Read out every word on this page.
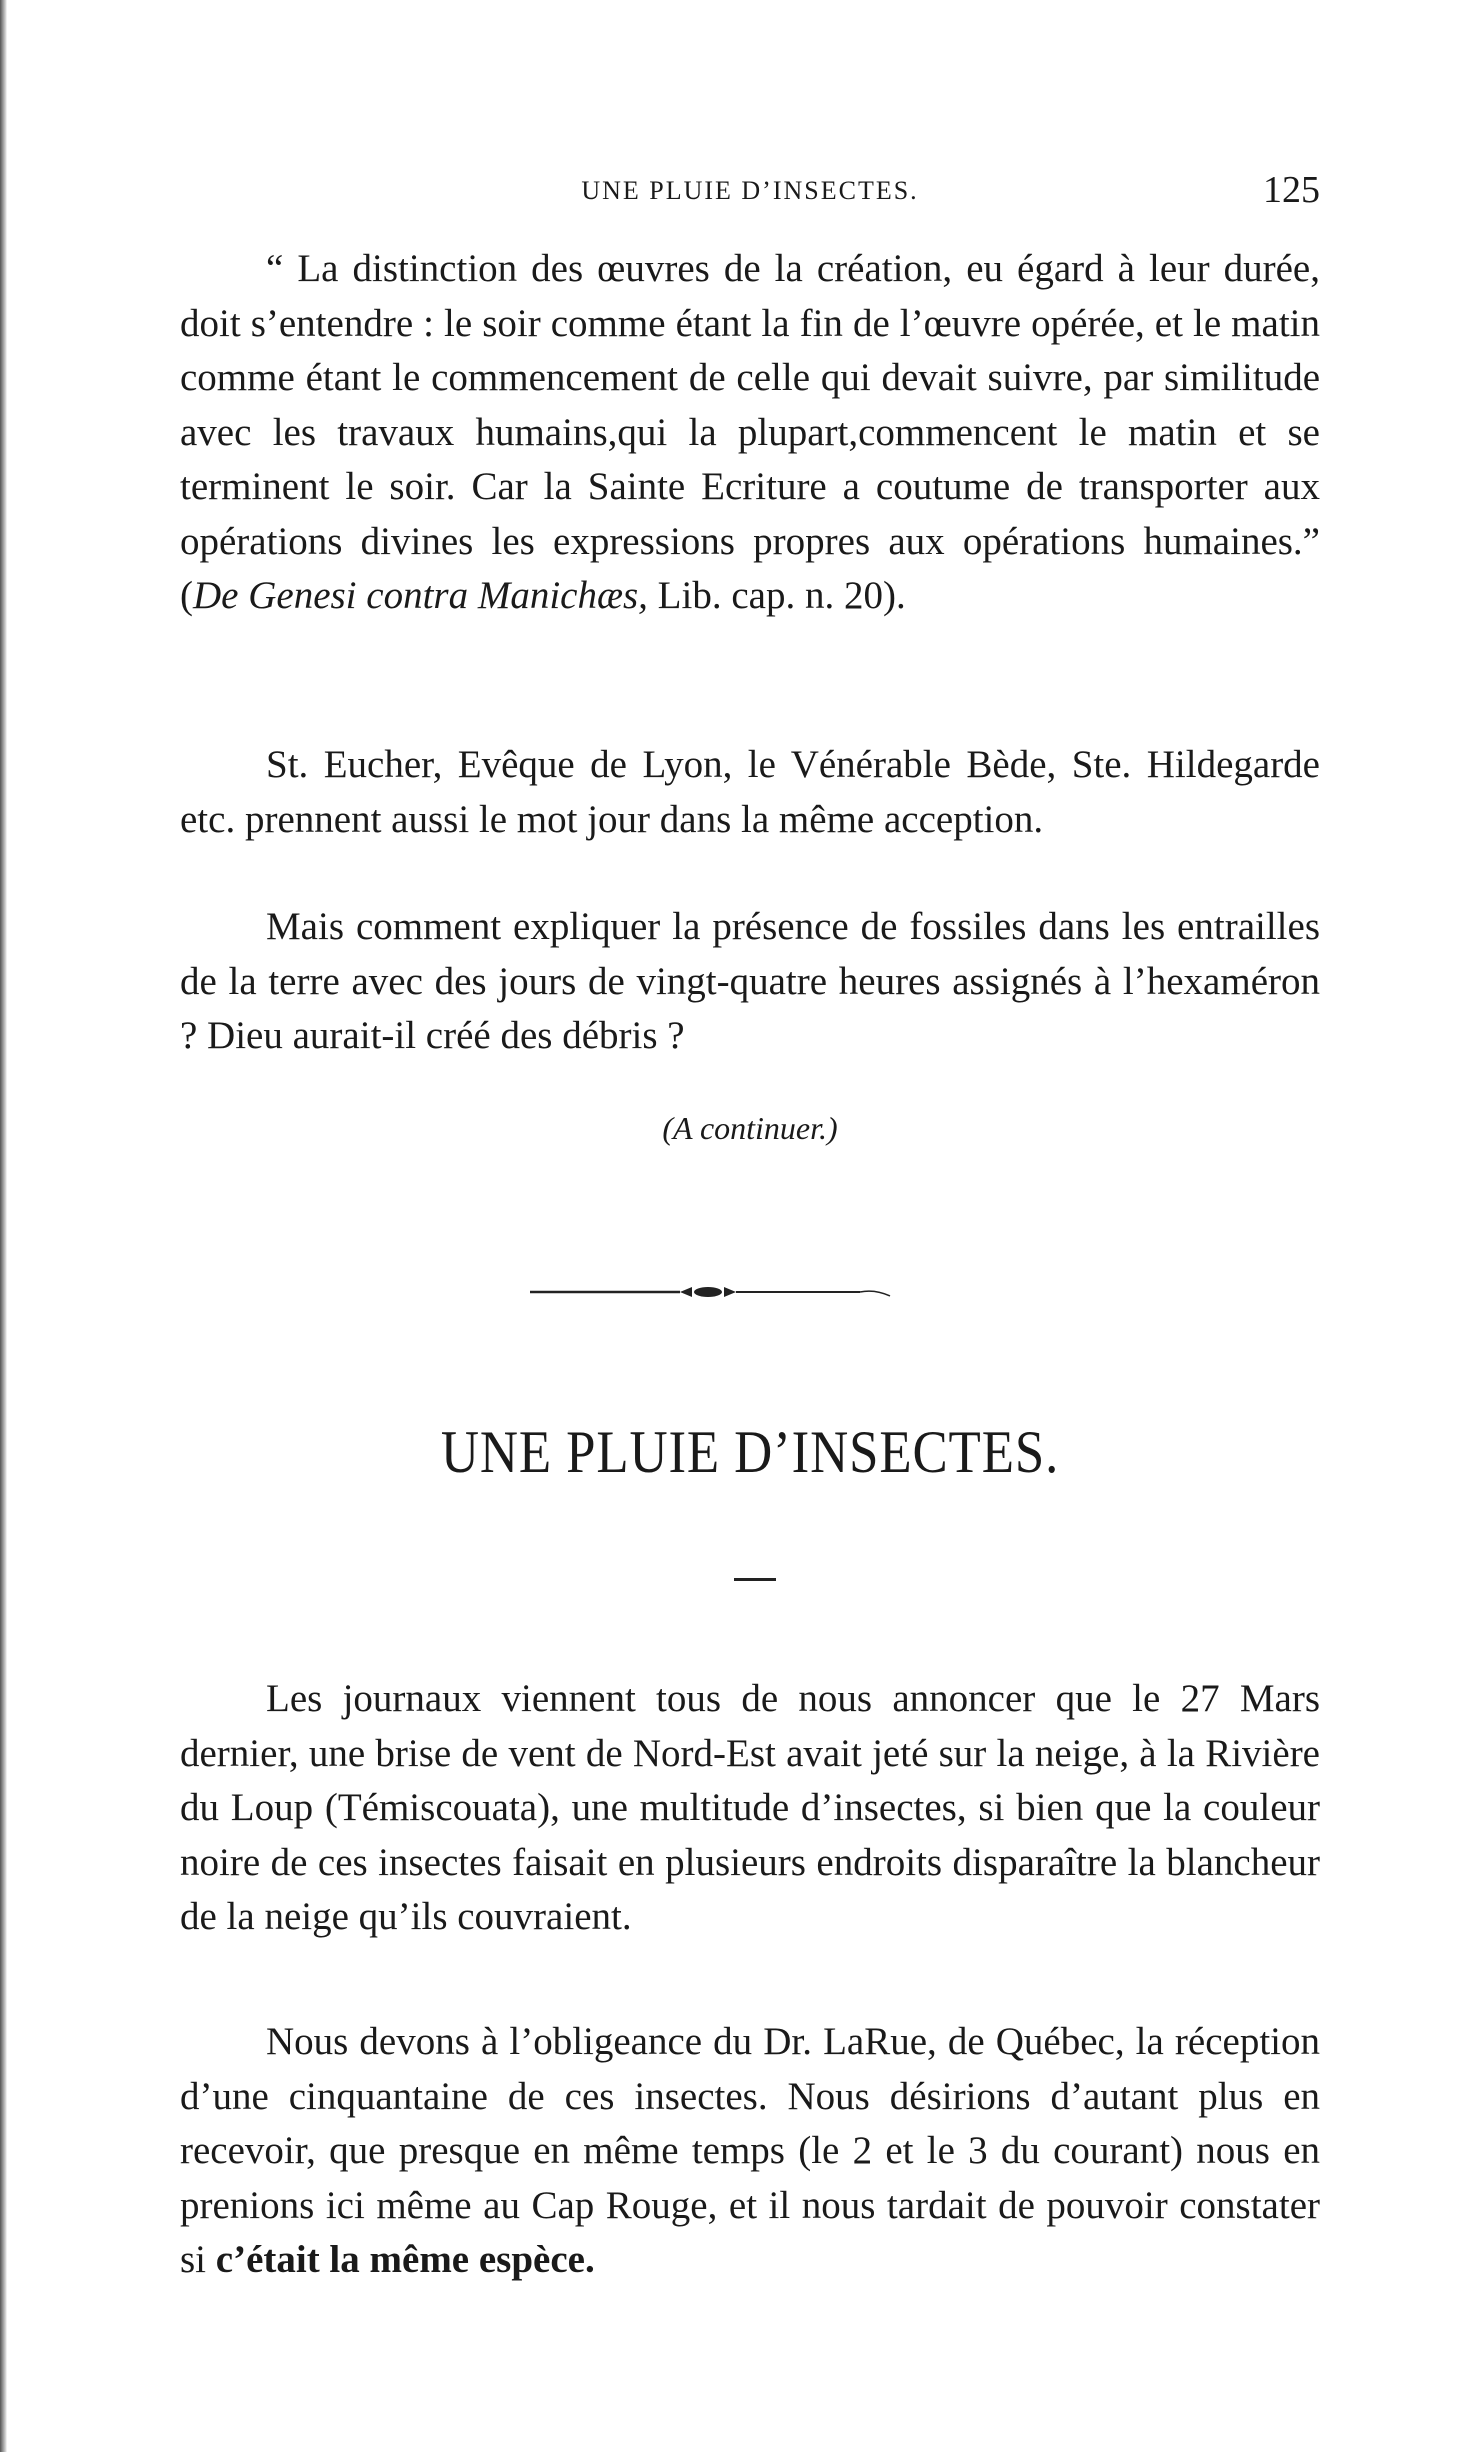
UNE PLUIE D’INSECTES.	125

“ La distinction des œuvres de la création, eu égard à leur durée, doit s’entendre : le soir comme étant la fin de l’œuvre opérée, et le matin comme étant le commencement de celle qui devait suivre, par similitude avec les travaux humains,qui la plupart,commencent le matin et se terminent le soir. Car la Sainte Ecriture a coutume de transporter aux opérations divines les expressions propres aux opérations humaines.” (De Genesi contra Manichæs, Lib. cap. n. 20).

St. Eucher, Evêque de Lyon, le Vénérable Bède, Ste. Hildegarde etc. prennent aussi le mot jour dans la même acception.

Mais comment expliquer la présence de fossiles dans les entrailles de la terre avec des jours de vingt-quatre heures assignés à l’hexaméron ? Dieu aurait-il créé des débris ?

(A continuer.)
UNE PLUIE D’INSECTES.

Les journaux viennent tous de nous annoncer que le 27 Mars dernier, une brise de vent de Nord-Est avait jeté sur la neige, à la Rivière du Loup (Témiscouata), une multitude d’insectes, si bien que la couleur noire de ces insectes faisait en plusieurs endroits disparaître la blancheur de la neige qu’ils couvraient.

Nous devons à l’obligeance du Dr. LaRue, de Québec, la réception d’une cinquantaine de ces insectes. Nous désirions d’autant plus en recevoir, que presque en même temps (le 2 et le 3 du courant) nous en prenions ici même au Cap Rouge, et il nous tardait de pouvoir constater si c’était la même espèce.
